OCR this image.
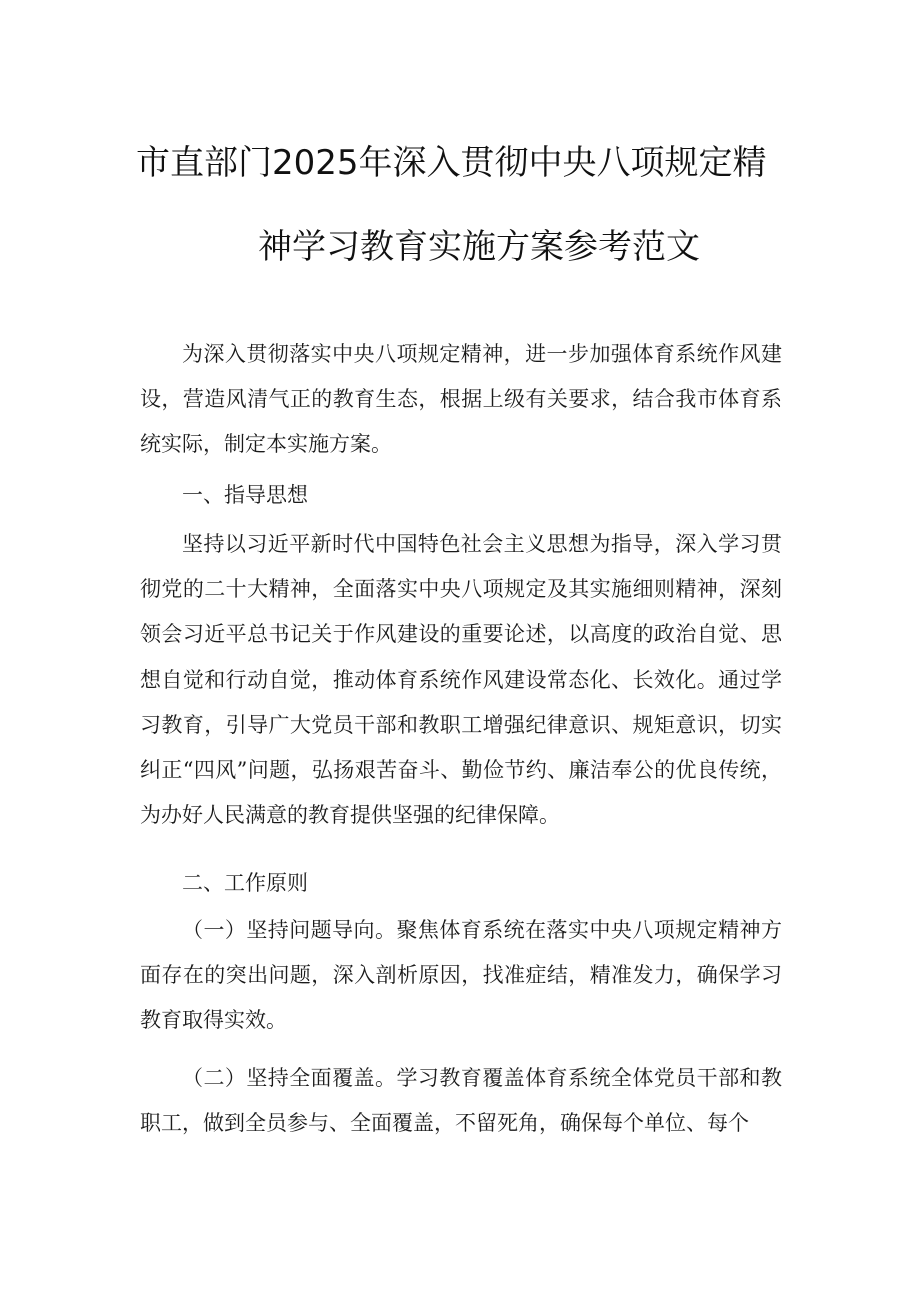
市直部门2025年深入贯彻中央八项规定精
神学习教育实施方案参考范文

为深入贯彻落实中央八项规定精神，进一步加强体育系统作风建设，营造风清气正的教育生态，根据上级有关要求，结合我市体育系统实际，制定本实施方案。

一、指导思想

坚持以习近平新时代中国特色社会主义思想为指导，深入学习贯彻党的二十大精神，全面落实中央八项规定及其实施细则精神，深刻领会习近平总书记关于作风建设的重要论述，以高度的政治自觉、思想自觉和行动自觉，推动体育系统作风建设常态化、长效化。通过学习教育，引导广大党员干部和教职工增强纪律意识、规矩意识，切实纠正“四风”问题，弘扬艰苦奋斗、勤俭节约、廉洁奉公的优良传统，为办好人民满意的教育提供坚强的纪律保障。

二、工作原则

（一）坚持问题导向。聚焦体育系统在落实中央八项规定精神方面存在的突出问题，深入剖析原因，找准症结，精准发力，确保学习教育取得实效。

（二）坚持全面覆盖。学习教育覆盖体育系统全体党员干部和教职工，做到全员参与、全面覆盖，不留死角，确保每个单位、每个
